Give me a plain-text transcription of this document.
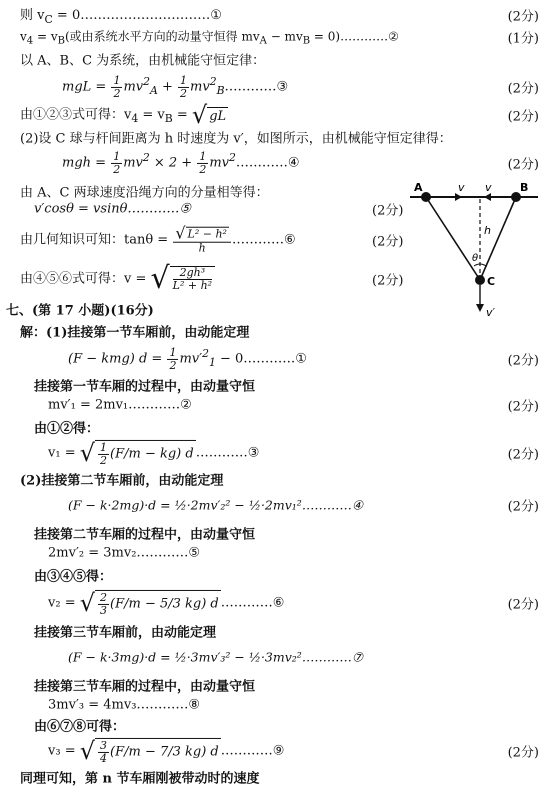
则 $v_C$ = 0…………………………①	(2分)
$v_4 = v_B$(或由系统水平方向的动量守恒得 $mv_A - mv_B$ = 0)…………②	(1分)
以 A、B、C 为系统，由机械能守恒定律：
mgL = $\frac{1}{2} mv^2_A + \frac{1}{2}$ $mv^2_B\dots\dots\dots\dots ③$	(2分)
由①②③式可得：$v_4 = v_B$ = √ gL	(2分)
(2)设 C 球与杆间距离为 h 时速度为 v′，如图所示，由机械能守恒定律得：
mgh = $\frac{1}{2} mv^2 \times 2 + \frac{1}{2}$ $mv^2\dots\dots\dots\dots ④$	(2分)
由 A、C 两球速度沿绳方向的分量相等得：
v′cosθ = vsinθ…………⑤	(2分)
由几何知识可知：$\tan\theta = \frac{\text{√ L² − h²}}{h}$ …………⑥	(2分)
由④⑤⑥式可得：v = √ $\frac{\text{2gh³}}{\text{L² + h²}}$	(2分)
A	B
C
h
θ
v v
v′
七、(第 17 小题)(16分)
解：(1)挂接第一节车厢前，由动能定理
(F − kmg) $d = \frac{1}{2} mv'^2_1$ − 0…………①	(2分)
挂接第一节车厢的过程中，由动量守恒
mv′₁ = 2mv₁…………②	(2分)
由①②得：
v₁ = √ $\frac{1}{2} (F/m - kg)$ d …………③	(2分)
(2)挂接第二节车厢前，由动能定理
(F − k·2mg)·d = ½·2mv′₂² − ½·2mv₁²…………④	(2分)
挂接第二节车厢的过程中，由动量守恒
2mv′₂ = 3mv₂…………⑤
由③④⑤得：
v₂ = √ $\frac{2}{3} (F/m - 5/3$ kg) d …………⑥	(2分)
挂接第三节车厢前，由动能定理
(F − k·3mg)·d = ½·3mv′₃² − ½·3mv₂²…………⑦
挂接第三节车厢的过程中，由动量守恒
3mv′₃ = 4mv₃…………⑧
由⑥⑦⑧可得：
v₃ = √ $\frac{3}{4} (F/m - 7/3$ kg) d …………⑨	(2分)
同理可知，第 n 节车厢刚被带动时的速度
